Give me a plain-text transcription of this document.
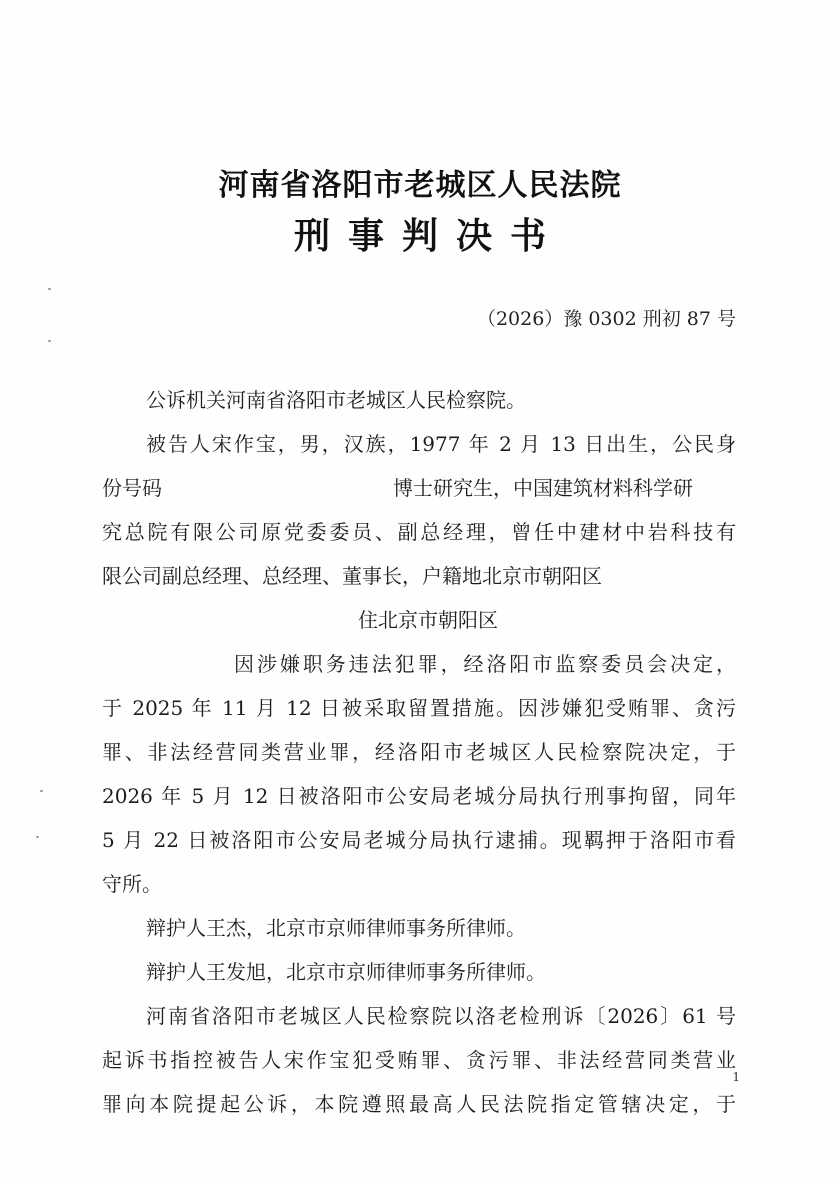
河南省洛阳市老城区人民法院
刑事判决书
（2026）豫 0302 刑初 87 号
公诉机关河南省洛阳市老城区人民检察院。
被告人宋作宝，男，汉族，1977 年 2 月 13 日出生，公民身
份号码	博士研究生，中国建筑材料科学研
究总院有限公司原党委委员、副总经理，曾任中建材中岩科技有
限公司副总经理、总经理、董事长，户籍地北京市朝阳区
住北京市朝阳区
因涉嫌职务违法犯罪，经洛阳市监察委员会决定，
于 2025 年 11 月 12 日被采取留置措施。因涉嫌犯受贿罪、贪污
罪、非法经营同类营业罪，经洛阳市老城区人民检察院决定，于
2026 年 5 月 12 日被洛阳市公安局老城分局执行刑事拘留，同年
5 月 22 日被洛阳市公安局老城分局执行逮捕。现羁押于洛阳市看
守所。
辩护人王杰，北京市京师律师事务所律师。
辩护人王发旭，北京市京师律师事务所律师。
河南省洛阳市老城区人民检察院以洛老检刑诉〔2026〕61 号
起诉书指控被告人宋作宝犯受贿罪、贪污罪、非法经营同类营业
罪向本院提起公诉，本院遵照最高人民法院指定管辖决定，于
1
